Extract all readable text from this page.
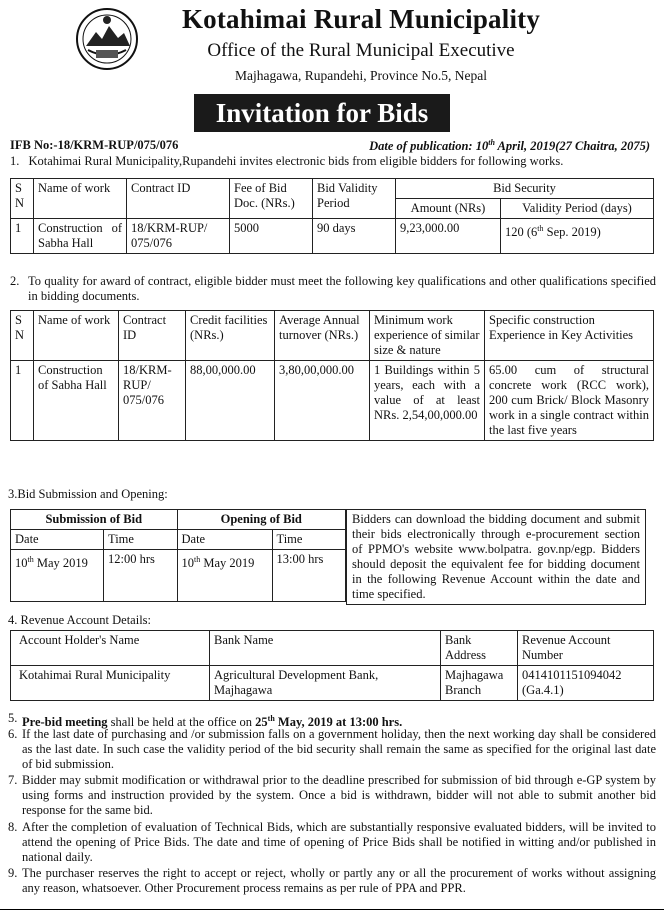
Kotahimai Rural Municipality
Office of the Rural Municipal Executive
Majhagawa, Rupandehi, Province No.5, Nepal
Invitation for Bids
IFB No:-18/KRM-RUP/075/076	Date of publication: 10th April, 2019(27 Chaitra, 2075)
1. Kotahimai Rural Municipality,Rupandehi invites electronic bids from eligible bidders for following works.
S N	Name of work	Contract ID	Fee of Bid Doc. (NRs.)	Bid Validity Period	Bid Security	
					Amount (NRs)	Validity Period (days)
1	Construction of Sabha Hall	18/KRM-RUP/ 075/076	5000	90 days	9,23,000.00	120 (6th Sep. 2019)
2. To quality for award of contract, eligible bidder must meet the following key qualifications and other qualifications specified in bidding documents.
S N	Name of work	Contract ID	Credit facilities (NRs.)	Average Annual turnover (NRs.)	Minimum work experience of similar size & nature	Specific construction Experience in Key Activities
1	Construction of Sabha Hall	18/KRM-RUP/ 075/076	88,00,000.00	3,80,00,000.00	1 Buildings within 5 years, each with a value of at least NRs. 2,54,00,000.00	65.00 cum of structural concrete work (RCC work), 200 cum Brick/ Block Masonry work in a single contract within the last five years
3.Bid Submission and Opening:
Submission of Bid		Opening of Bid	
Date	Time	Date	Time
10th May 2019	12:00 hrs	10th May 2019	13:00 hrs
Bidders can download the bidding document and submit their bids electronically through e-procurement section of PPMO's website www.bolpatra. gov.np/egp. Bidders should deposit the equivalent fee for bidding document in the following Revenue Account within the date and time specified.
4. Revenue Account Details:
Account Holder's Name	Bank Name	Bank Address	Revenue Account Number
Kotahimai Rural Municipality	Agricultural Development Bank, Majhagawa	Majhagawa Branch	0414101151094042 (Ga.4.1)
5. Pre-bid meeting shall be held at the office on 25th May, 2019 at 13:00 hrs.
6. If the last date of purchasing and /or submission falls on a government holiday, then the next working day shall be considered as the last date. In such case the validity period of the bid security shall remain the same as specified for the original last date of bid submission.
7. Bidder may submit modification or withdrawal prior to the deadline prescribed for submission of bid through e-GP system by using forms and instruction provided by the system. Once a bid is withdrawn, bidder will not able to submit another bid response for the same bid.
8. After the completion of evaluation of Technical Bids, which are substantially responsive evaluated bidders, will be invited to attend the opening of Price Bids. The date and time of opening of Price Bids shall be notified in witting and/or published in national daily.
9. The purchaser reserves the right to accept or reject, wholly or partly any or all the procurement of works without assigning any reason, whatsoever. Other Procurement process remains as per rule of PPA and PPR.
